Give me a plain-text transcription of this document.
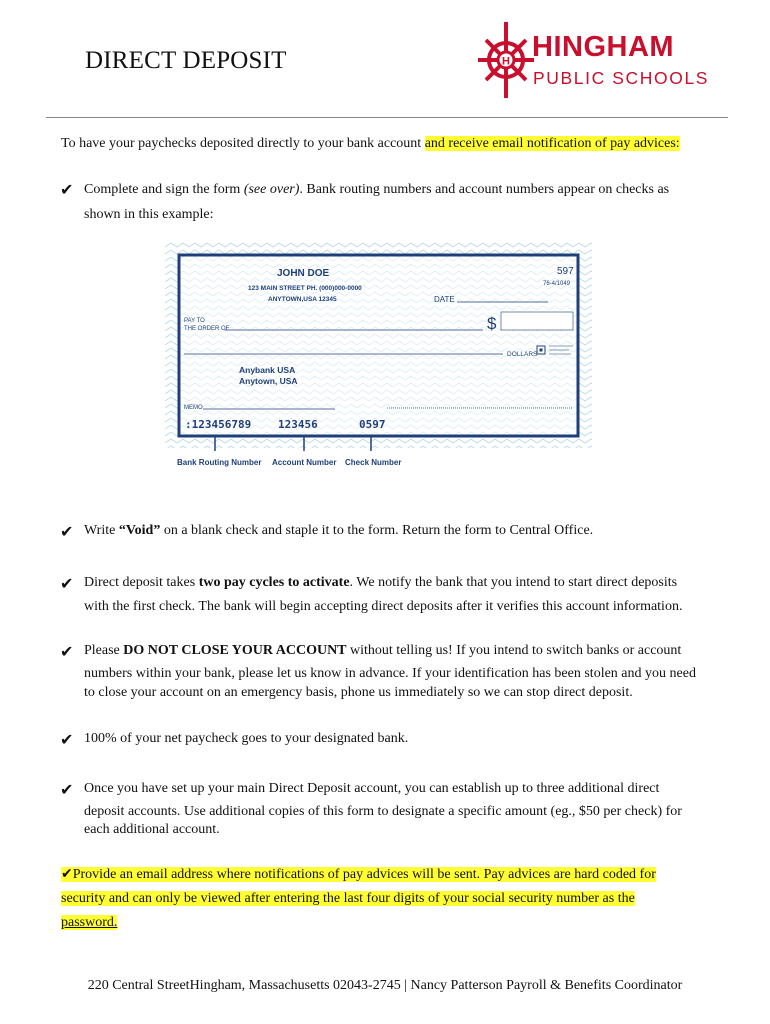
DIRECT DEPOSIT	H HINGHAM
PUBLIC SCHOOLS
To have your paychecks deposited directly to your bank account and receive email notification of pay advices:
✔ Complete and sign the form (see over). Bank routing numbers and account numbers appear on checks as
shown in this example:
JOHN DOE
123 MAIN STREET PH. (000)000-0000
ANYTOWN,USA 12345
597
76-4/1049
DATE
PAY TO
THE ORDER OF	$
DOLLARS
Anybank USA
Anytown, USA
MEMO
:123456789 123456	0597
Bank Routing Number Account Number Check Number
✔ Write “Void” on a blank check and staple it to the form. Return the form to Central Office.
✔ Direct deposit takes two pay cycles to activate. We notify the bank that you intend to start direct deposits
with the first check. The bank will begin accepting direct deposits after it verifies this account information.
✔ Please DO NOT CLOSE YOUR ACCOUNT without telling us! If you intend to switch banks or account
numbers within your bank, please let us know in advance. If your identification has been stolen and you need
to close your account on an emergency basis, phone us immediately so we can stop direct deposit.
✔ 100% of your net paycheck goes to your designated bank.
✔ Once you have set up your main Direct Deposit account, you can establish up to three additional direct
deposit accounts. Use additional copies of this form to designate a specific amount (eg., $50 per check) for
each additional account.
✔Provide an email address where notifications of pay advices will be sent. Pay advices are hard coded for
security and can only be viewed after entering the last four digits of your social security number as the
password.
220 Central StreetHingham, Massachusetts 02043-2745 | Nancy Patterson Payroll & Benefits Coordinator
